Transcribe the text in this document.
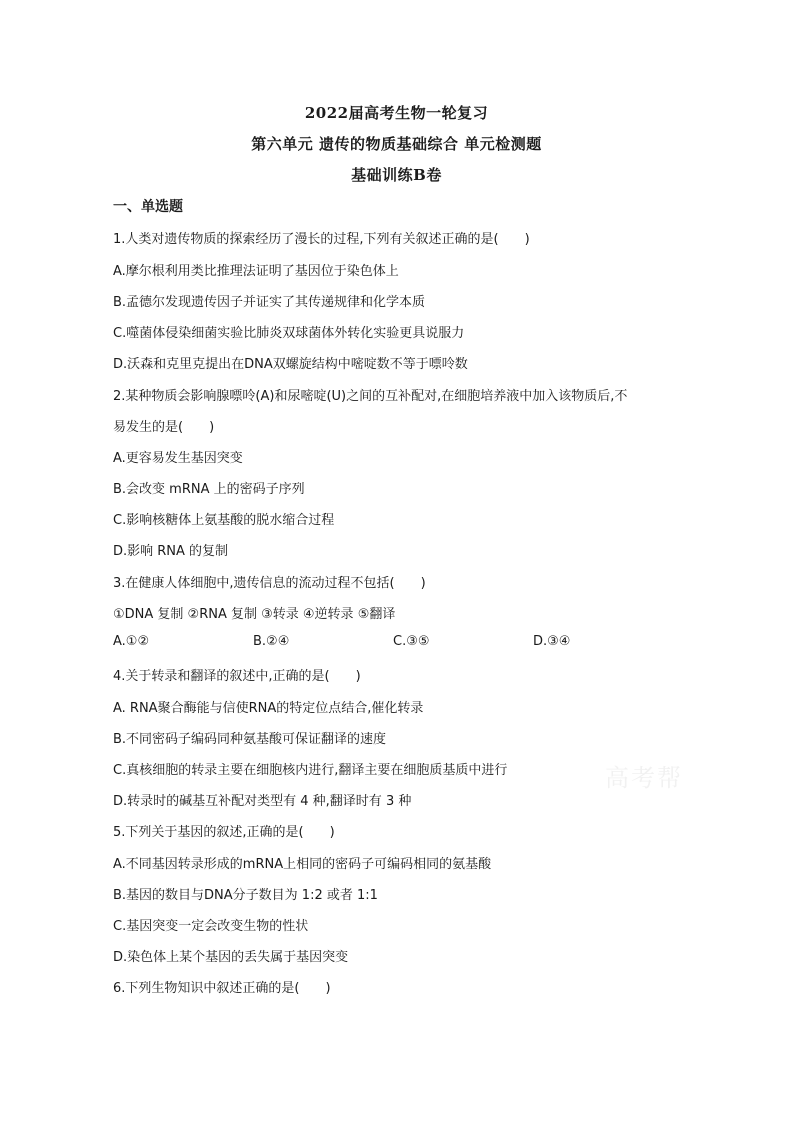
2022届高考生物一轮复习
第六单元 遗传的物质基础综合 单元检测题
基础训练B卷
一、单选题
1.人类对遗传物质的探索经历了漫长的过程,下列有关叙述正确的是(　　)
A.摩尔根利用类比推理法证明了基因位于染色体上
B.孟德尔发现遗传因子并证实了其传递规律和化学本质
C.噬菌体侵染细菌实验比肺炎双球菌体外转化实验更具说服力
D.沃森和克里克提出在DNA双螺旋结构中嘧啶数不等于嘌呤数
2.某种物质会影响腺嘌呤(A)和尿嘧啶(U)之间的互补配对,在细胞培养液中加入该物质后,不
易发生的是(　　)
A.更容易发生基因突变
B.会改变 mRNA 上的密码子序列
C.影响核糖体上氨基酸的脱水缩合过程
D.影响 RNA 的复制
3.在健康人体细胞中,遗传信息的流动过程不包括(　　)
①DNA 复制 ②RNA 复制 ③转录 ④逆转录 ⑤翻译
A.①②	B.②④	C.③⑤	D.③④
4.关于转录和翻译的叙述中,正确的是(　　)
A. RNA聚合酶能与信使RNA的特定位点结合,催化转录
B.不同密码子编码同种氨基酸可保证翻译的速度
C.真核细胞的转录主要在细胞核内进行,翻译主要在细胞质基质中进行
D.转录时的碱基互补配对类型有 4 种,翻译时有 3 种
5.下列关于基因的叙述,正确的是(　　)
A.不同基因转录形成的mRNA上相同的密码子可编码相同的氨基酸
B.基因的数目与DNA分子数目为 1:2 或者 1:1
C.基因突变一定会改变生物的性状
D.染色体上某个基因的丢失属于基因突变
6.下列生物知识中叙述正确的是(　　)
高考帮
